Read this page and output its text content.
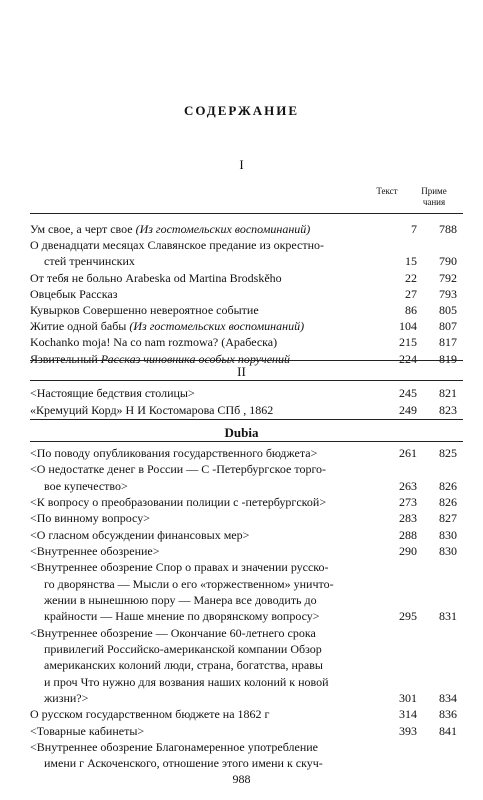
СОДЕРЖАНИЕ
I
Текст	Приме
чания
Ум свое, а черт свое (Из гостомельских воспоминаний)	7	788
О двенадцати месяцах Славянское предание из окрестно-
стей тренчинских	15	790
От тебя не больно Arabeska od Martina Brodskěho	22	792
Овцебык Рассказ	27	793
Кувырков Совершенно невероятное событие	86	805
Житие одной бабы (Из гостомельских воспоминаний)	104	807
Kochanko moja! Na co nam rozmowa? (Арабеска)	215	817
Язвительный Рассказ чиновника особых поручений	224	819
II
<Настоящие бедствия столицы>	245	821
«Кремуций Корд» Н И Костомарова СПб , 1862	249	823
Dubia
<По поводу опубликования государственного бюджета>	261	825
<О недостатке денег в России — С -Петербургское торго-
вое купечество>	263	826
<К вопросу о преобразовании полиции с -петербургской>	273	826
<По винному вопросу>	283	827
<О гласном обсуждении финансовых мер>	288	830
<Внутреннее обозрение>	290	830
<Внутреннее обозрение Спор о правах и значении русско-
го дворянства — Мысли о его «торжественном» уничто-
жении в нынешнюю пору — Манера все доводить до
крайности — Наше мнение по дворянскому вопросу>	295	831
<Внутреннее обозрение — Окончание 60-летнего срока
привилегий Российско-американской компании Обзор
американских колоний люди, страна, богатства, нравы
и проч Что нужно для возвания наших колоний к новой
жизни?>	301	834
О русском государственном бюджете на 1862 г	314	836
<Товарные кабинеты>	393	841
<Внутреннее обозрение Благонамеренное употребление
имени г Аскоченского, отношение этого имени к скуч-
988
